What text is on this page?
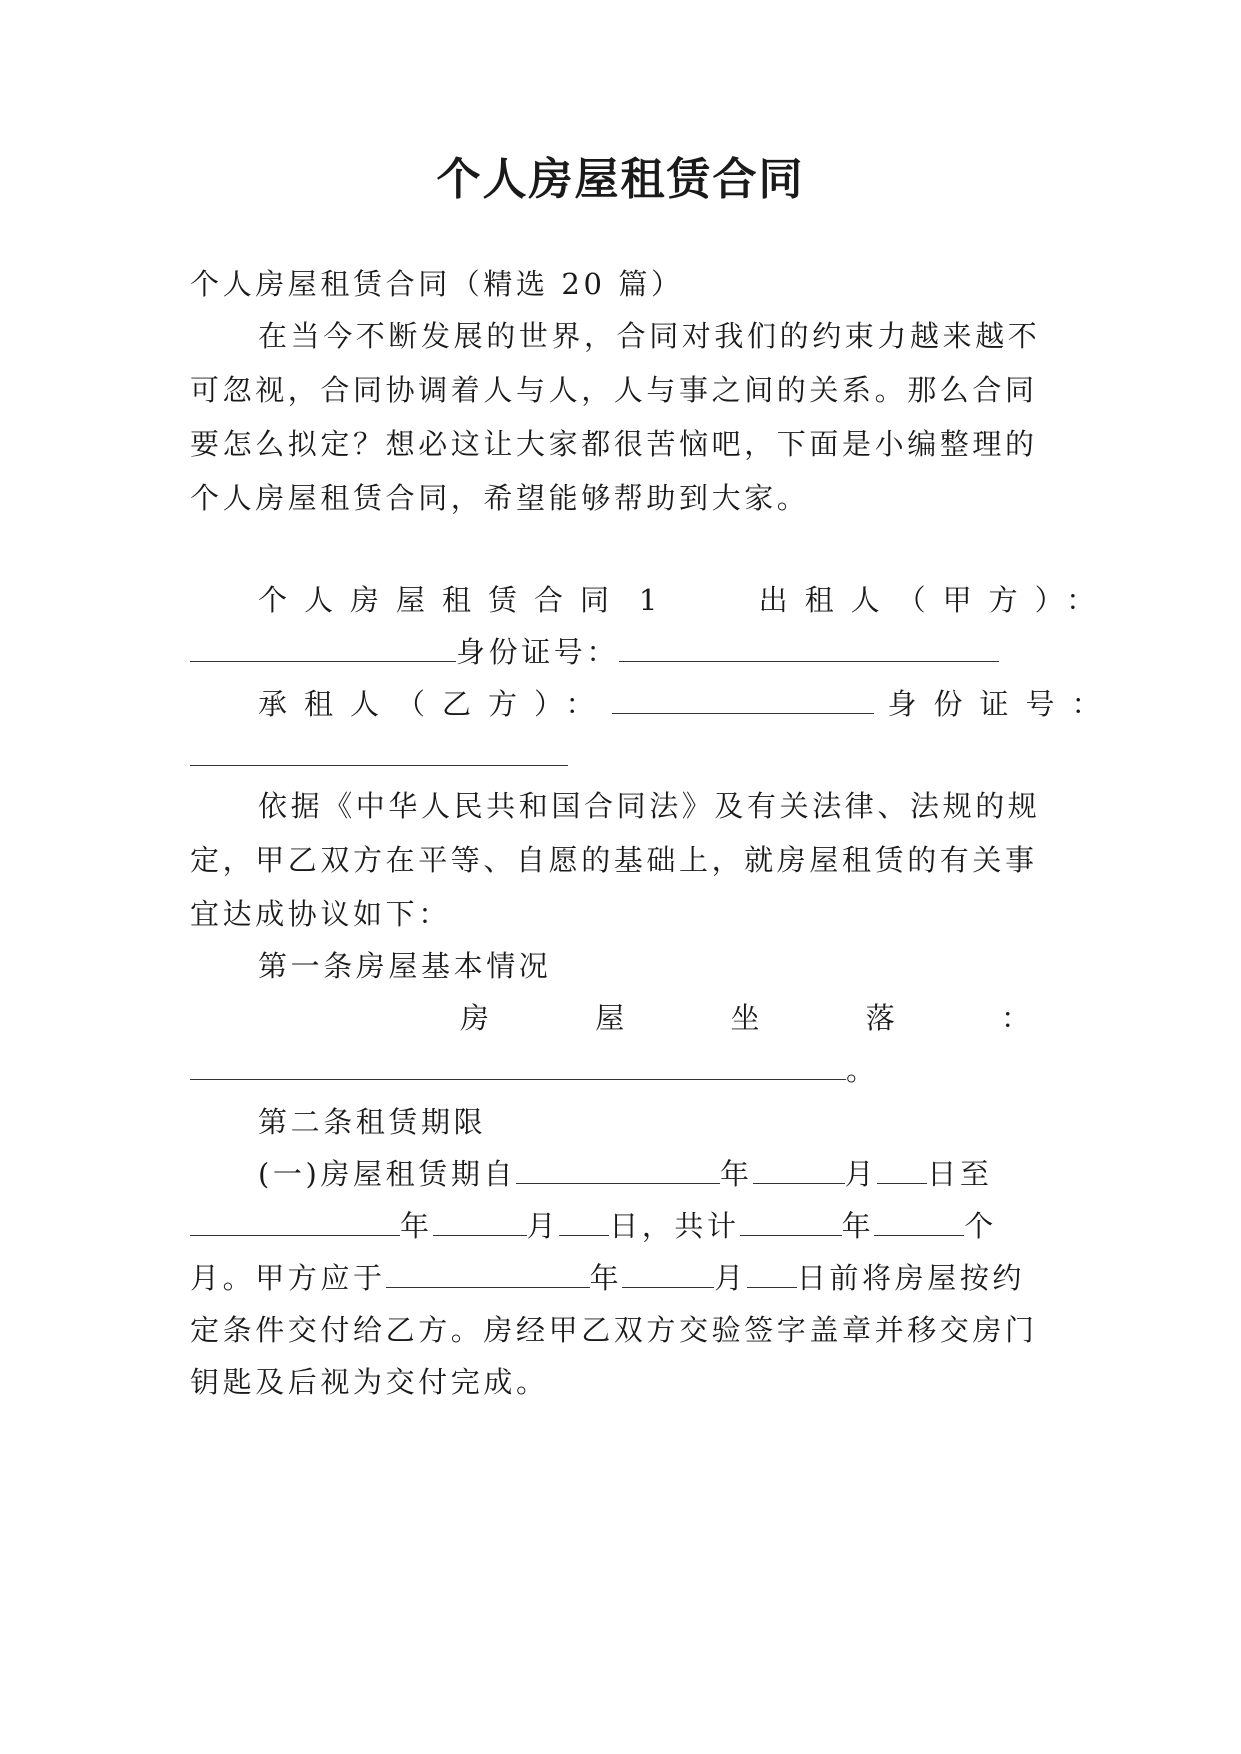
个人房屋租赁合同
个人房屋租赁合同（精选 20 篇）
在当今不断发展的世界，合同对我们的约束力越来越不
可忽视，合同协调着人与人，人与事之间的关系。那么合同
要怎么拟定？想必这让大家都很苦恼吧，下面是小编整理的
个人房屋租赁合同，希望能够帮助到大家。
个人房屋租赁合同 1	出租人（甲方）：
身份证号：
承租人（乙方）：	身份证号：
依据《中华人民共和国合同法》及有关法律、法规的规
定，甲乙双方在平等、自愿的基础上，就房屋租赁的有关事
宜达成协议如下：
第一条房屋基本情况
房	屋	坐	落	：
。
第二条租赁期限
(一)房屋租赁期自	年	月 日至
年	月 日，共计	年	个
月。甲方应于	年	月 日前将房屋按约
定条件交付给乙方。房经甲乙双方交验签字盖章并移交房门
钥匙及后视为交付完成。
